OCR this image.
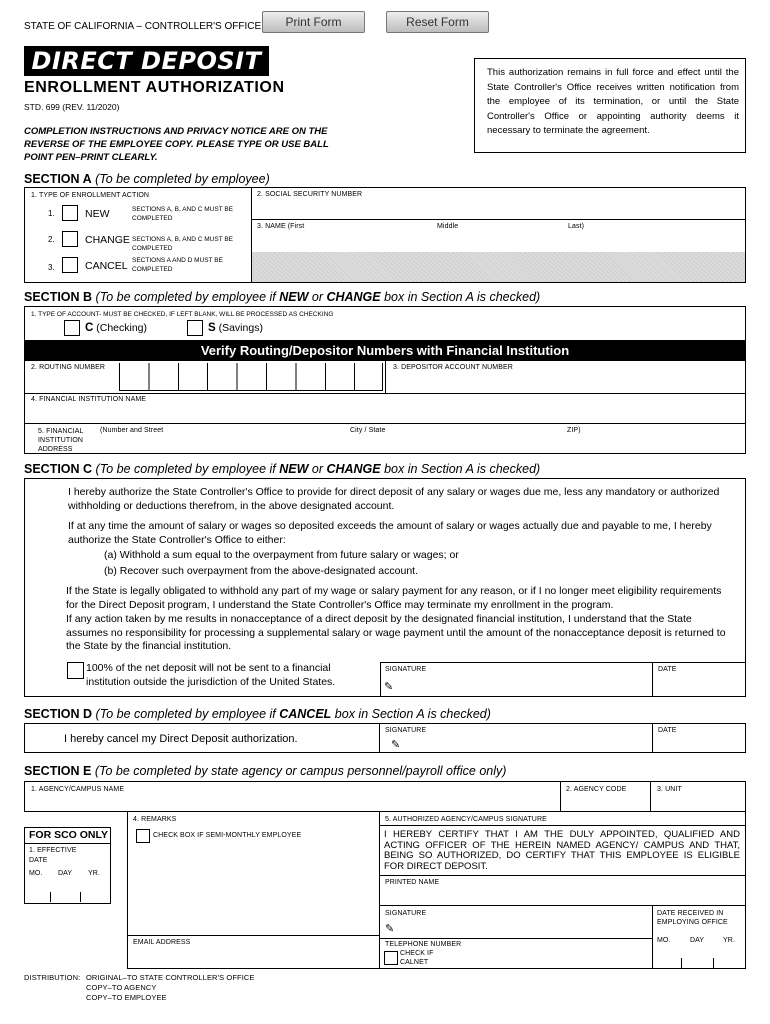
STATE OF CALIFORNIA – CONTROLLER'S OFFICE	Print Form	Reset Form
DIRECT DEPOSIT
ENROLLMENT AUTHORIZATION
STD. 699 (REV. 11/2020)
COMPLETION INSTRUCTIONS AND PRIVACY NOTICE ARE ON THE REVERSE OF THE EMPLOYEE COPY. PLEASE TYPE OR USE BALL POINT PEN–PRINT CLEARLY.
This authorization remains in full force and effect until the State Controller's Office receives written notification from the employee of its termination, or until the State Controller's Office or appointing authority deems it necessary to terminate the agreement.
SECTION A (To be completed by employee)
1. TYPE OF ENROLLMENT ACTION
1.	NEW	SECTIONS A, B, AND C MUST BE COMPLETED
2.	CHANGE SECTIONS A, B, AND C MUST BE COMPLETED
3.	CANCEL SECTIONS A AND D MUST BE COMPLETED
2. SOCIAL SECURITY NUMBER
3. NAME (First	Middle	Last)
SECTION B (To be completed by employee if NEW or CHANGE box in Section A is checked)
1. TYPE OF ACCOUNT- MUST BE CHECKED, IF LEFT BLANK, WILL BE PROCESSED AS CHECKING
C (Checking)	S (Savings)
Verify Routing/Depositor Numbers with Financial Institution
2. ROUTING NUMBER	3. DEPOSITOR ACCOUNT NUMBER
4. FINANCIAL INSTITUTION NAME
5. FINANCIAL INSTITUTION ADDRESS
(Number and Street	City / State	ZIP)
SECTION C (To be completed by employee if NEW or CHANGE box in Section A is checked)
I hereby authorize the State Controller's Office to provide for direct deposit of any salary or wages due me, less any mandatory or authorized withholding or deductions therefrom, in the above designated account.
If at any time the amount of salary or wages so deposited exceeds the amount of salary or wages actually due and payable to me, I hereby authorize the State Controller's Office to either:
(a) Withhold a sum equal to the overpayment from future salary or wages; or
(b) Recover such overpayment from the above-designated account.
If the State is legally obligated to withhold any part of my wage or salary payment for any reason, or if I no longer meet eligibility requirements for the Direct Deposit program, I understand the State Controller's Office may terminate my enrollment in the program.
If any action taken by me results in nonacceptance of a direct deposit by the designated financial institution, I understand that the State assumes no responsibility for processing a supplemental salary or wage payment until the amount of the nonacceptance deposit is returned to the State by the financial institution.
100% of the net deposit will not be sent to a financial institution outside the jurisdiction of the United States.
SIGNATURE
✎
DATE
SECTION D (To be completed by employee if CANCEL box in Section A is checked)
I hereby cancel my Direct Deposit authorization.
SIGNATURE
✎
DATE
SECTION E (To be completed by state agency or campus personnel/payroll office only)
1. AGENCY/CAMPUS NAME	2. AGENCY CODE	3. UNIT
4. REMARKS
CHECK BOX IF SEMI-MONTHLY EMPLOYEE
EMAIL ADDRESS
5. AUTHORIZED AGENCY/CAMPUS SIGNATURE
I HEREBY CERTIFY THAT I AM THE DULY APPOINTED, QUALIFIED AND ACTING OFFICER OF THE HEREIN NAMED AGENCY/ CAMPUS AND THAT, BEING SO AUTHORIZED, DO CERTIFY THAT THIS EMPLOYEE IS ELIGIBLE FOR DIRECT DEPOSIT.
PRINTED NAME
SIGNATURE
✎
TELEPHONE NUMBER
CHECK IF CALNET
DATE RECEIVED IN EMPLOYING OFFICE
MO.	DAY	YR.
FOR SCO ONLY
1. EFFECTIVE DATE
MO. DAY YR.
DISTRIBUTION: ORIGINAL–TO STATE CONTROLLER'S OFFICE
COPY–TO AGENCY
COPY–TO EMPLOYEE
